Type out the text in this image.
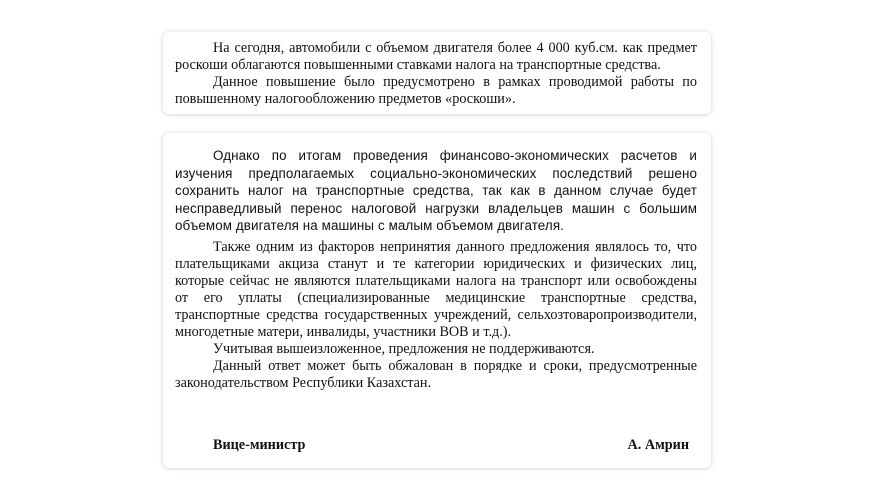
На сегодня, автомобили с объемом двигателя более 4 000 куб.см. как предмет роскоши облагаются повышенными ставками налога на транспортные средства.

Данное повышение было предусмотрено в рамках проводимой работы по повышенному налогообложению предметов «роскоши».

Однако по итогам проведения финансово-экономических расчетов и изучения предполагаемых социально-экономических последствий решено сохранить налог на транспортные средства, так как в данном случае будет несправедливый перенос налоговой нагрузки владельцев машин с большим объемом двигателя на машины с малым объемом двигателя.

Также одним из факторов непринятия данного предложения являлось то, что плательщиками акциза станут и те категории юридических и физических лиц, которые сейчас не являются плательщиками налога на транспорт или освобождены от его уплаты (специализированные медицинские транспортные средства, транспортные средства государственных учреждений, сельхозтоваропроизводители, многодетные матери, инвалиды, участники ВОВ и т.д.).

Учитывая вышеизложенное, предложения не поддерживаются.

Данный ответ может быть обжалован в порядке и сроки, предусмотренные законодательством Республики Казахстан.

Вице-министр	А. Амрин
